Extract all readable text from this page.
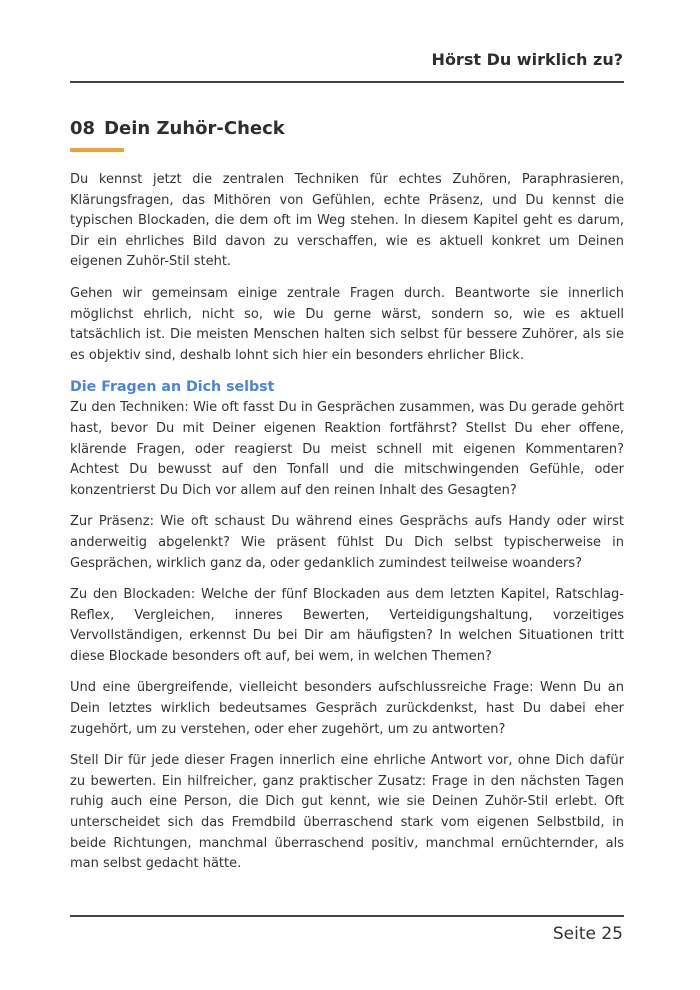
Hörst Du wirklich zu?
08 Dein Zuhör-Check

Du kennst jetzt die zentralen Techniken für echtes Zuhören, Paraphrasieren, Klärungsfragen, das Mithören von Gefühlen, echte Präsenz, und Du kennst die typischen Blockaden, die dem oft im Weg stehen. In diesem Kapitel geht es darum, Dir ein ehrliches Bild davon zu verschaffen, wie es aktuell konkret um Deinen eigenen Zuhör-Stil steht.

Gehen wir gemeinsam einige zentrale Fragen durch. Beantworte sie innerlich möglichst ehrlich, nicht so, wie Du gerne wärst, sondern so, wie es aktuell tatsächlich ist. Die meisten Menschen halten sich selbst für bessere Zuhörer, als sie es objektiv sind, deshalb lohnt sich hier ein besonders ehrlicher Blick.

Die Fragen an Dich selbst

Zu den Techniken: Wie oft fasst Du in Gesprächen zusammen, was Du gerade gehört hast, bevor Du mit Deiner eigenen Reaktion fortfährst? Stellst Du eher offene, klärende Fragen, oder reagierst Du meist schnell mit eigenen Kommentaren? Achtest Du bewusst auf den Tonfall und die mitschwingenden Gefühle, oder konzentrierst Du Dich vor allem auf den reinen Inhalt des Gesagten?

Zur Präsenz: Wie oft schaust Du während eines Gesprächs aufs Handy oder wirst anderweitig abgelenkt? Wie präsent fühlst Du Dich selbst typischerweise in Gesprächen, wirklich ganz da, oder gedanklich zumindest teilweise woanders?

Zu den Blockaden: Welche der fünf Blockaden aus dem letzten Kapitel, Ratschlag-Reflex, Vergleichen, inneres Bewerten, Verteidigungshaltung, vorzeitiges Vervollständigen, erkennst Du bei Dir am häufigsten? In welchen Situationen tritt diese Blockade besonders oft auf, bei wem, in welchen Themen?

Und eine übergreifende, vielleicht besonders aufschlussreiche Frage: Wenn Du an Dein letztes wirklich bedeutsames Gespräch zurückdenkst, hast Du dabei eher zugehört, um zu verstehen, oder eher zugehört, um zu antworten?

Stell Dir für jede dieser Fragen innerlich eine ehrliche Antwort vor, ohne Dich dafür zu bewerten. Ein hilfreicher, ganz praktischer Zusatz: Frage in den nächsten Tagen ruhig auch eine Person, die Dich gut kennt, wie sie Deinen Zuhör-Stil erlebt. Oft unterscheidet sich das Fremdbild überraschend stark vom eigenen Selbstbild, in beide Richtungen, manchmal überraschend positiv, manchmal ernüchternder, als man selbst gedacht hätte.

Seite 25
